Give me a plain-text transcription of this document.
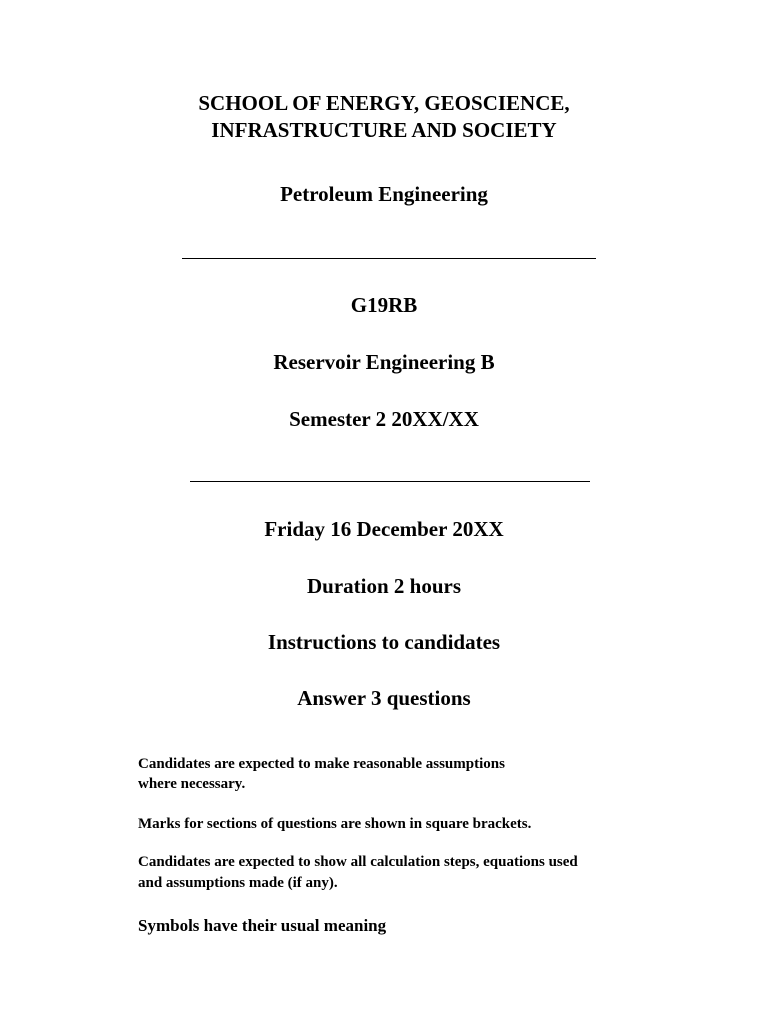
SCHOOL OF ENERGY, GEOSCIENCE,
INFRASTRUCTURE AND SOCIETY
Petroleum Engineering
G19RB
Reservoir Engineering B
Semester 2 20XX/XX
Friday 16 December 20XX
Duration 2 hours
Instructions to candidates
Answer 3 questions
Candidates are expected to make reasonable assumptions
where necessary.
Marks for sections of questions are shown in square brackets.
Candidates are expected to show all calculation steps, equations used
and assumptions made (if any).
Symbols have their usual meaning
